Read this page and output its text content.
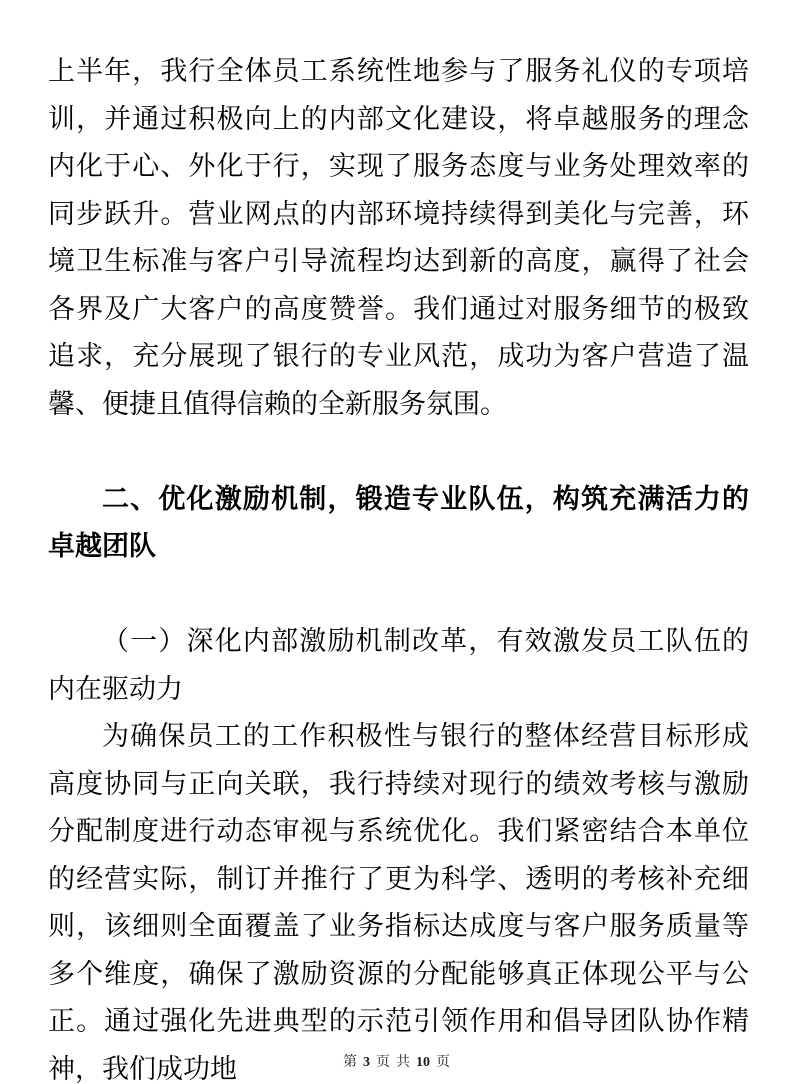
上半年，我行全体员工系统性地参与了服务礼仪的专项培训，并通过积极向上的内部文化建设，将卓越服务的理念内化于心、外化于行，实现了服务态度与业务处理效率的同步跃升。营业网点的内部环境持续得到美化与完善，环境卫生标准与客户引导流程均达到新的高度，赢得了社会各界及广大客户的高度赞誉。我们通过对服务细节的极致追求，充分展现了银行的专业风范，成功为客户营造了温馨、便捷且值得信赖的全新服务氛围。

二、优化激励机制，锻造专业队伍，构筑充满活力的卓越团队
（一）深化内部激励机制改革，有效激发员工队伍的内在驱动力

为确保员工的工作积极性与银行的整体经营目标形成高度协同与正向关联，我行持续对现行的绩效考核与激励分配制度进行动态审视与系统优化。我们紧密结合本单位的经营实际，制订并推行了更为科学、透明的考核补充细则，该细则全面覆盖了业务指标达成度与客户服务质量等多个维度，确保了激励资源的分配能够真正体现公平与公正。通过强化先进典型的示范引领作用和倡导团队协作精神，我们成功地	第 3 页 共 10 页
